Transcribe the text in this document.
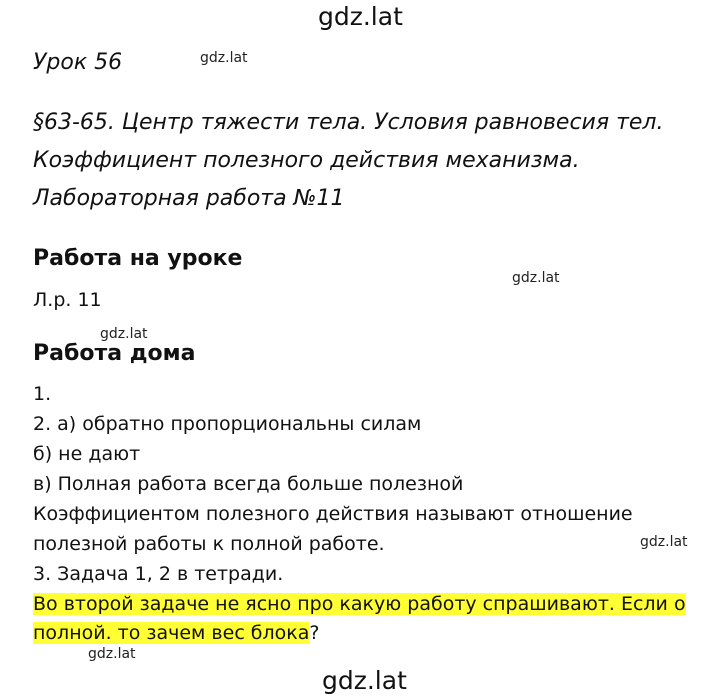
gdz.lat
gdz.lat
gdz.lat
gdz.lat
gdz.lat
gdz.lat
gdz.lat
Урок 56
§63-65. Центр тяжести тела. Условия равновесия тел.
Коэффициент полезного действия механизма.
Лабораторная работа №11
Работа на уроке
Л.р. 11
Работа дома
1.
2. а) обратно пропорциональны силам
б) не дают
в) Полная работа всегда больше полезной
Коэффициентом полезного действия называют отношение
полезной работы к полной работе.
3. Задача 1, 2 в тетради.
Во второй задаче не ясно про какую работу спрашивают. Если о
полной. то зачем вес блока?
